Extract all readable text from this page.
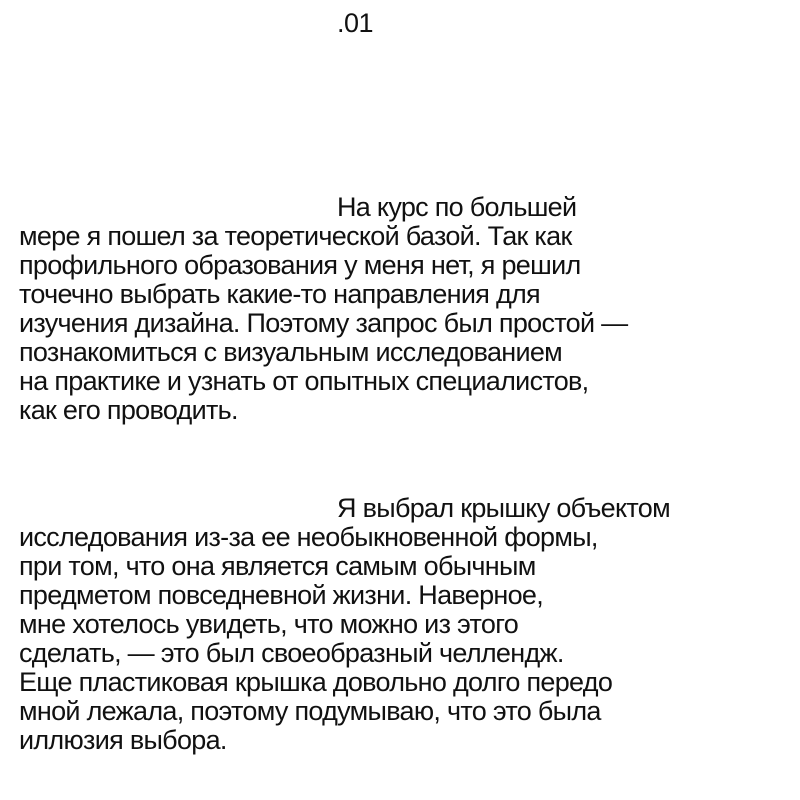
.01

На курс по большей
мере я пошел за теоретической базой. Так как
профильного образования у меня нет, я решил
точечно выбрать какие-то направления для
изучения дизайна. Поэтому запрос был простой —
познакомиться с визуальным исследованием
на практике и узнать от опытных специалистов,
как его проводить.

Я выбрал крышку объектом
исследования из-за ее необыкновенной формы,
при том, что она является самым обычным
предметом повседневной жизни. Наверное,
мне хотелось увидеть, что можно из этого
сделать, — это был своеобразный челлендж.
Еще пластиковая крышка довольно долго передо
мной лежала, поэтому подумываю, что это была
иллюзия выбора.
